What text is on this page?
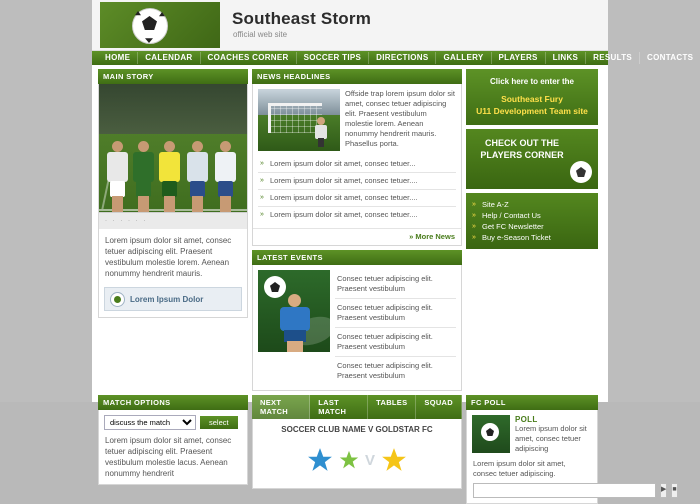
Southeast Storm
official web site
HOME	CALENDAR	COACHES CORNER	SOCCER TIPS	DIRECTIONS	GALLERY	PLAYERS	LINKS	RESULTS	CONTACTS
MAIN STORY
· · · · · ·
Lorem ipsum dolor sit amet, consec tetuer adipiscing elit. Praesent vestibulum molestie lorem. Aenean nonummy hendrerit mauris.
Lorem Ipsum Dolor
NEWS HEADLINES
Offside trap lorem ipsum dolor sit amet, consec tetuer adipiscing elit. Praesent vestibulum molestie lorem. Aenean nonummy hendrerit mauris. Phasellus porta.
» Lorem ipsum dolor sit amet, consec tetuer...
» Lorem ipsum dolor sit amet, consec tetuer....
» Lorem ipsum dolor sit amet, consec tetuer....
» Lorem ipsum dolor sit amet, consec tetuer....
» More News
LATEST EVENTS
Consec tetuer adipiscing elit. Praesent vestibulum
Consec tetuer adipiscing elit. Praesent vestibulum
Consec tetuer adipiscing elit. Praesent vestibulum
Consec tetuer adipiscing elit. Praesent vestibulum
Click here to enter the
Southeast Fury
U11 Development Team site
CHECK OUT THE PLAYERS CORNER
» Site A-Z
» Help / Contact Us
» Get FC Newsletter
» Buy e-Season Ticket
MATCH OPTIONS
discuss the match
select
Lorem ipsum dolor sit amet, consec tetuer adipiscing elit. Praesent vestibulum molestie lacus. Aenean nonummy hendrerit
NEXT MATCH
LAST MATCH
TABLES	SQUAD
SOCCER CLUB NAME V GOLDSTAR FC
V
FC POLL
POLL
Lorem ipsum dolor sit amet, consec tetuer adipiscing
Lorem ipsum dolor sit amet, consec tetuer adipiscing.
▶ ■
